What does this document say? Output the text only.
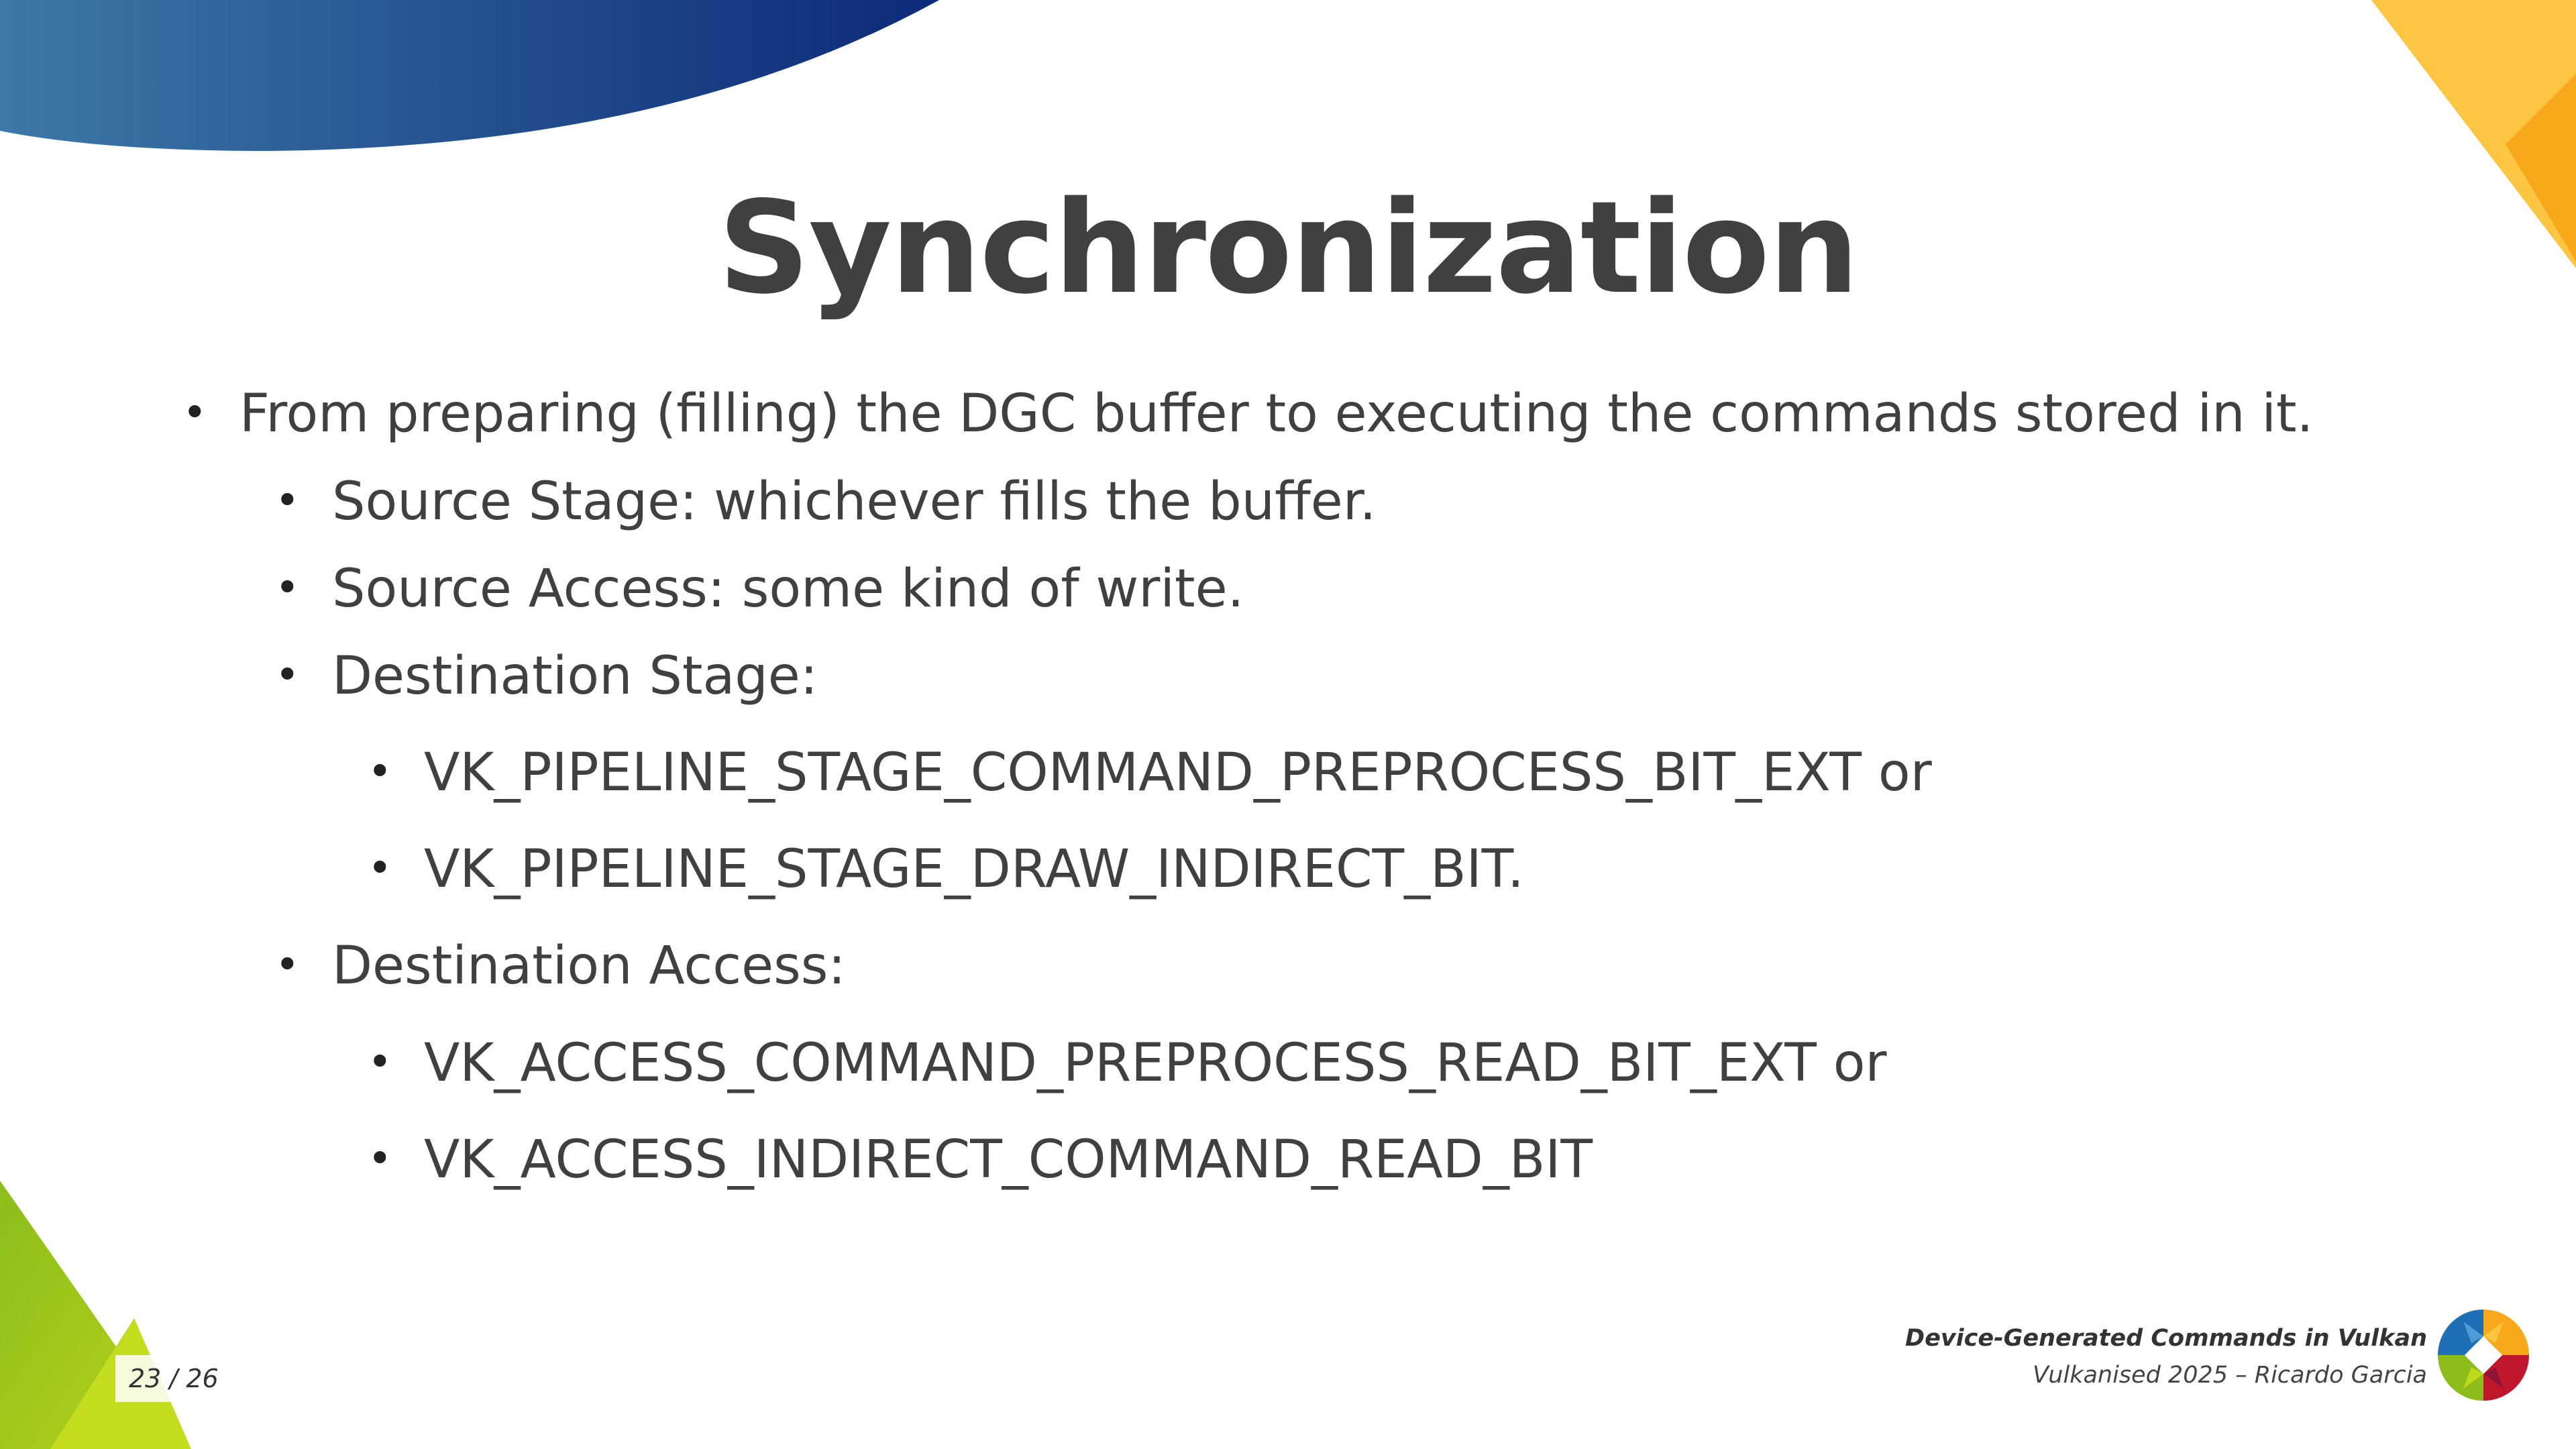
Synchronization
• From preparing (filling) the DGC buffer to executing the commands stored in it.
• Source Stage: whichever fills the buffer.
• Source Access: some kind of write.
• Destination Stage:
• VK_PIPELINE_STAGE_COMMAND_PREPROCESS_BIT_EXT or
• VK_PIPELINE_STAGE_DRAW_INDIRECT_BIT.
• Destination Access:
• VK_ACCESS_COMMAND_PREPROCESS_READ_BIT_EXT or
• VK_ACCESS_INDIRECT_COMMAND_READ_BIT
23 / 26
Device-Generated Commands in Vulkan
Vulkanised 2025 – Ricardo Garcia
